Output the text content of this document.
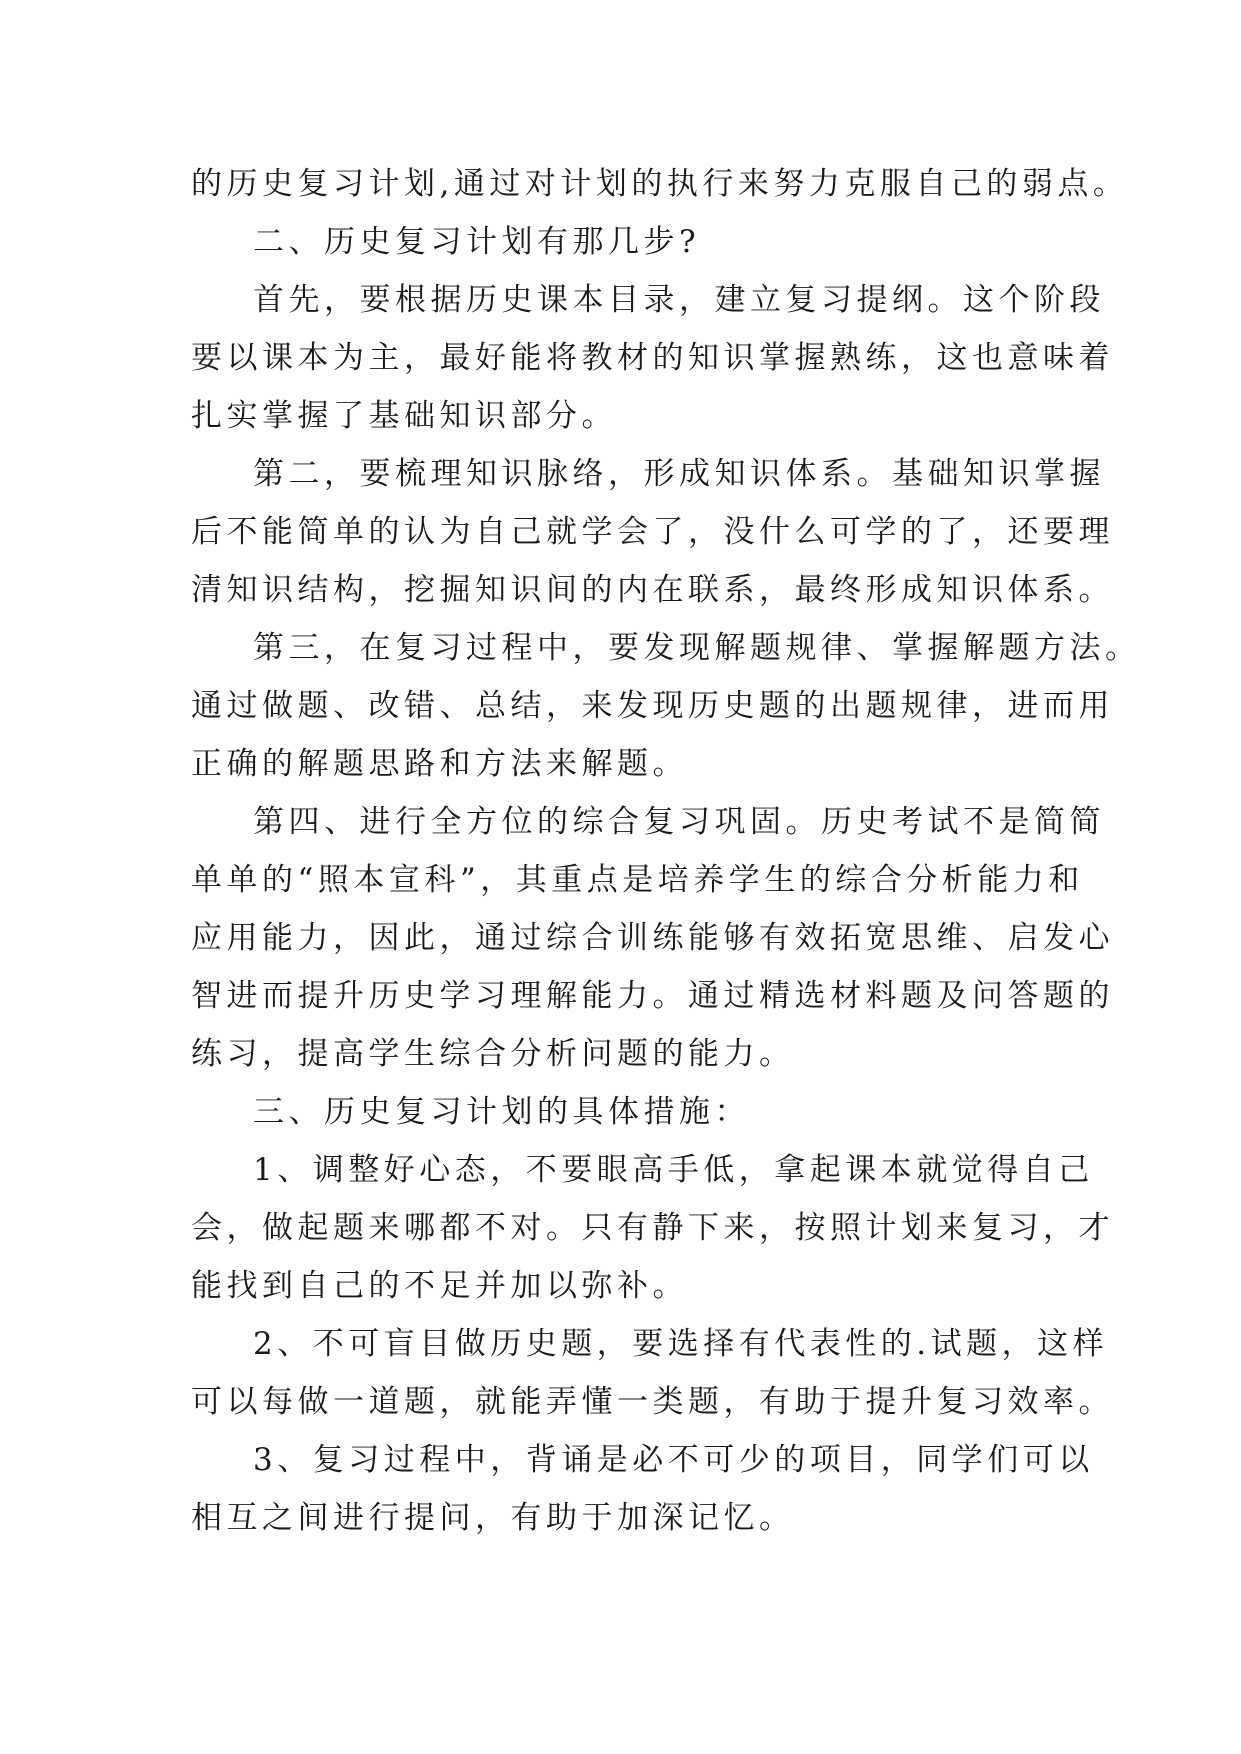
的历史复习计划,通过对计划的执行来努力克服自己的弱点。
二、历史复习计划有那几步?
首先，要根据历史课本目录，建立复习提纲。这个阶段
要以课本为主，最好能将教材的知识掌握熟练，这也意味着
扎实掌握了基础知识部分。
第二，要梳理知识脉络，形成知识体系。基础知识掌握
后不能简单的认为自己就学会了，没什么可学的了，还要理
清知识结构，挖掘知识间的内在联系，最终形成知识体系。
第三，在复习过程中，要发现解题规律、掌握解题方法。
通过做题、改错、总结，来发现历史题的出题规律，进而用
正确的解题思路和方法来解题。
第四、进行全方位的综合复习巩固。历史考试不是简简
单单的“照本宣科”，其重点是培养学生的综合分析能力和
应用能力，因此，通过综合训练能够有效拓宽思维、启发心
智进而提升历史学习理解能力。通过精选材料题及问答题的
练习，提高学生综合分析问题的能力。
三、历史复习计划的具体措施：
1、调整好心态，不要眼高手低，拿起课本就觉得自己
会，做起题来哪都不对。只有静下来，按照计划来复习，才
能找到自己的不足并加以弥补。
2、不可盲目做历史题，要选择有代表性的.试题，这样
可以每做一道题，就能弄懂一类题，有助于提升复习效率。
3、复习过程中，背诵是必不可少的项目，同学们可以
相互之间进行提问，有助于加深记忆。
